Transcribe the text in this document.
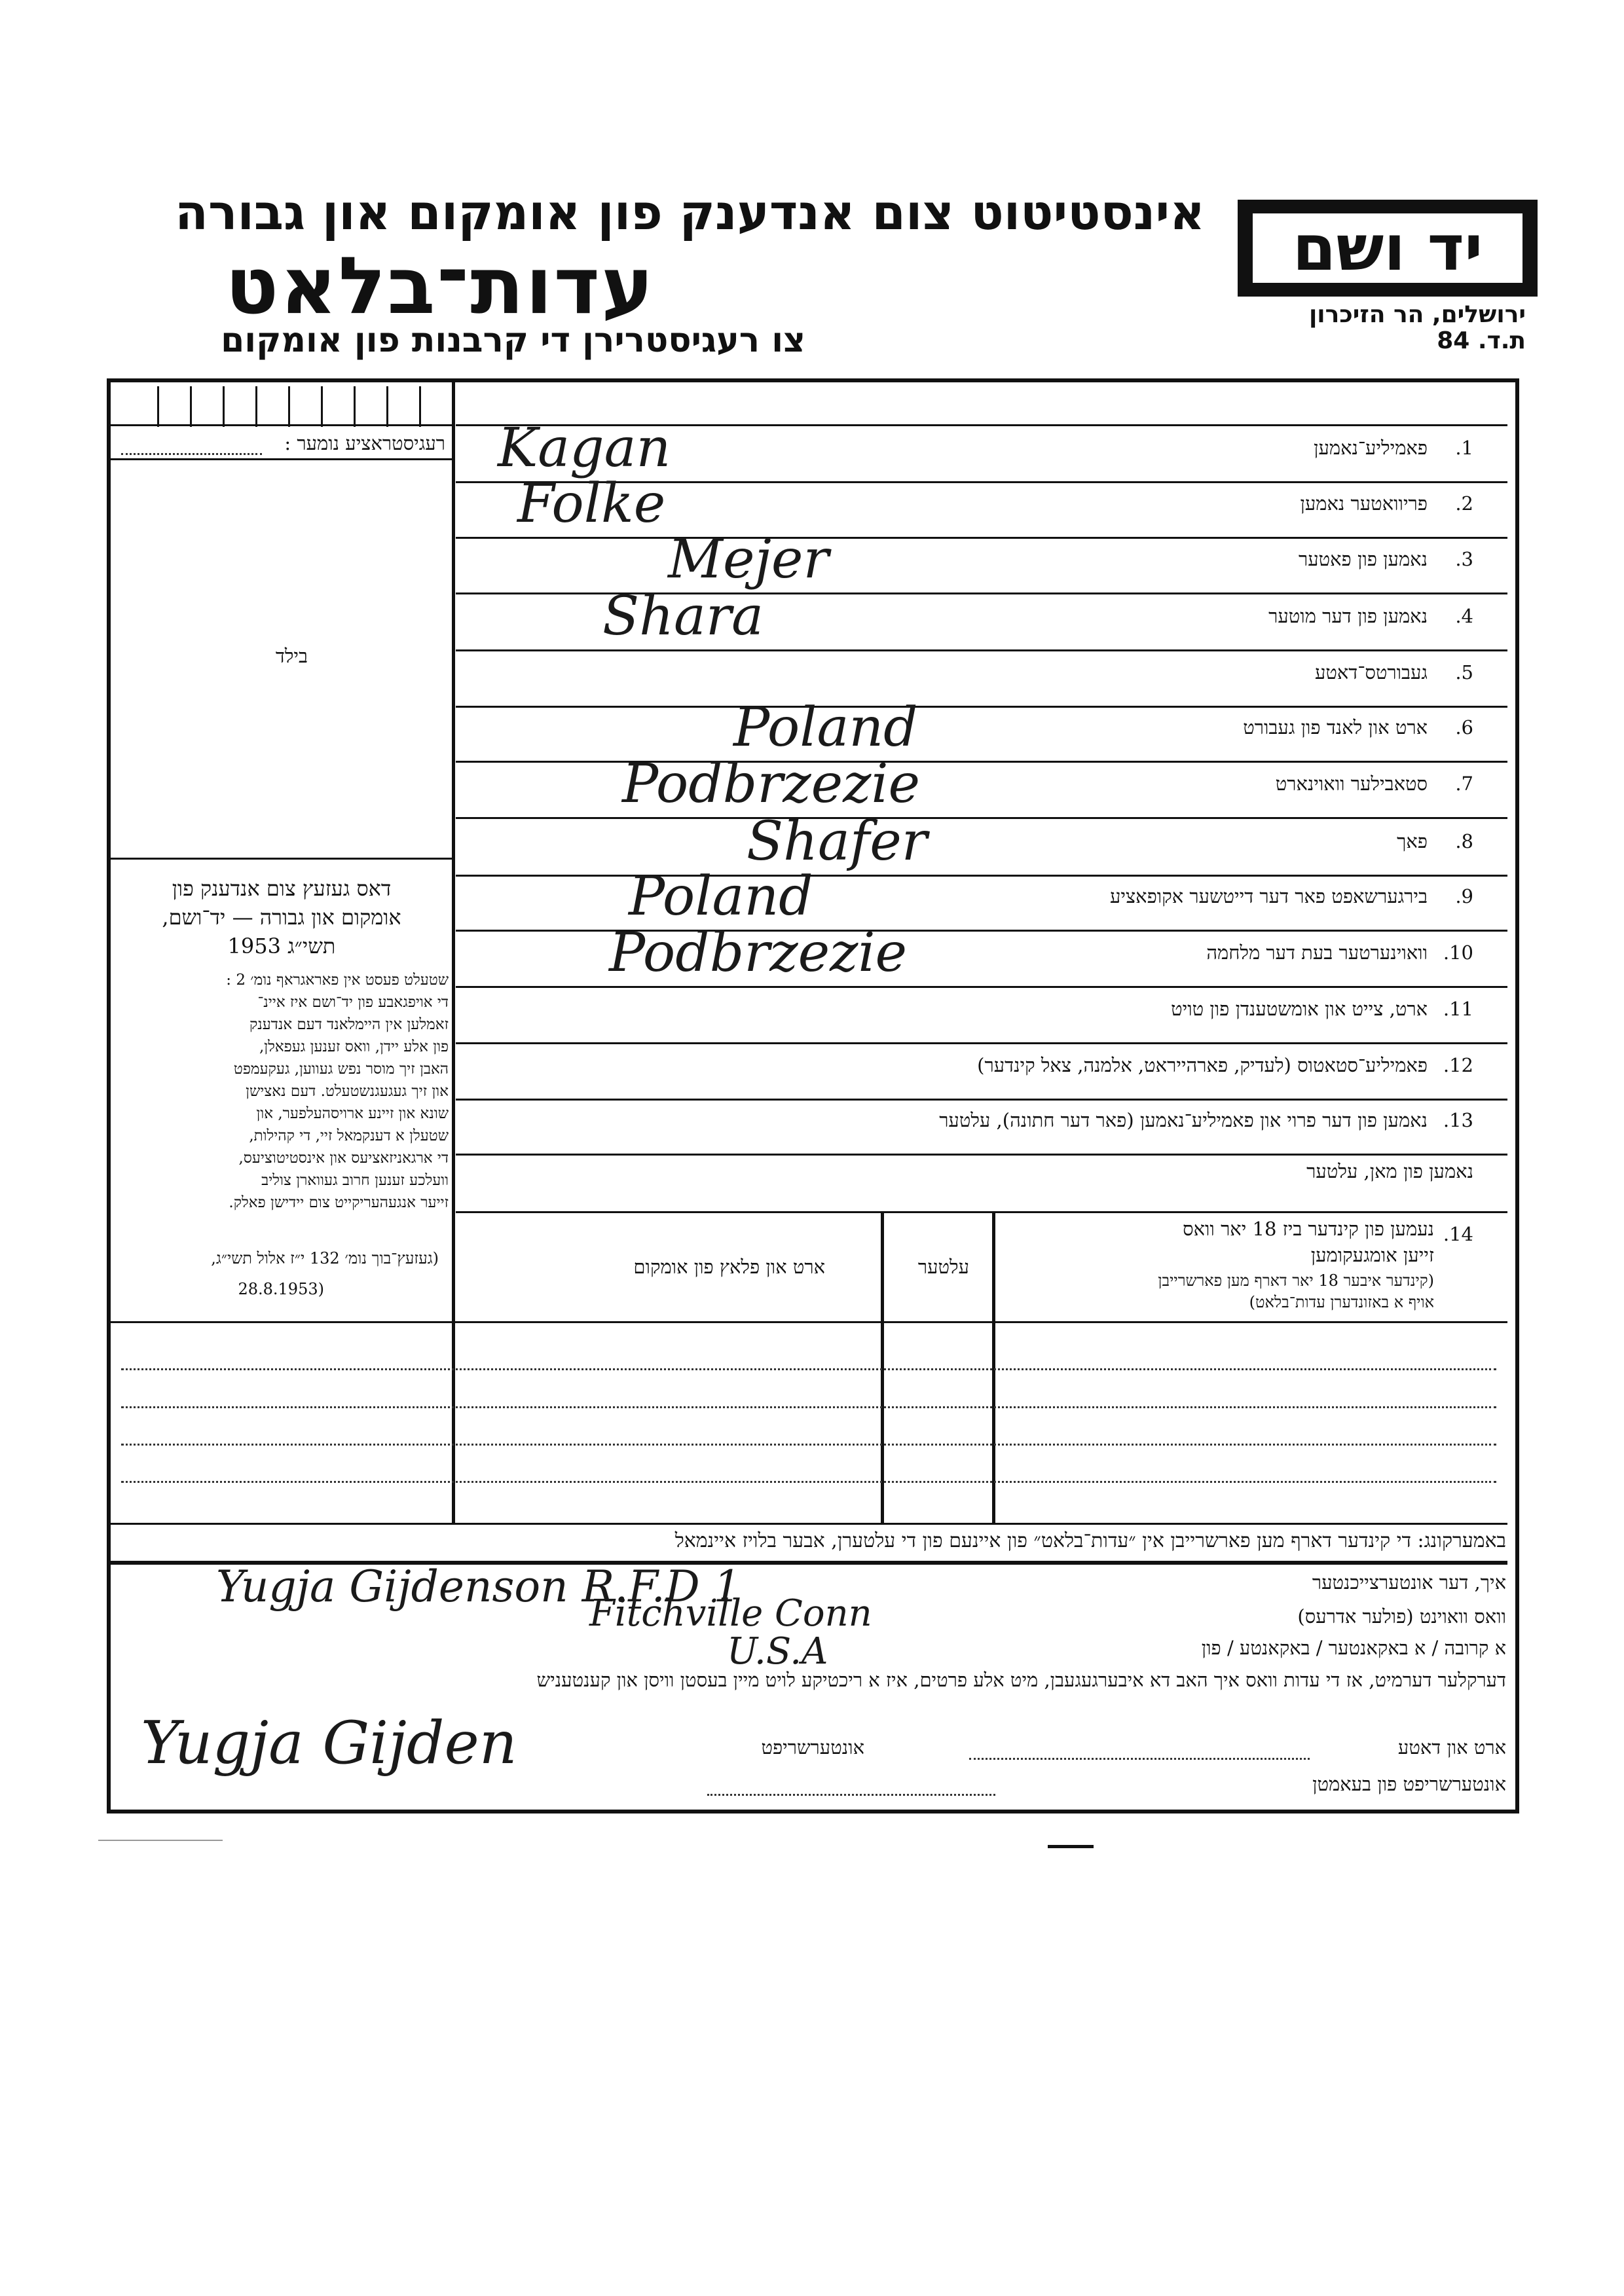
אינסטיטוט צום אנדענק פון אומקום און גבורה
עדות־בלאט
צו רעגיסטרירן די קרבנות פון אומקום
יד ושם
ירושלים, הר הזיכרון
ת.ד. 84
רעגיסטראציע נומער :
בילד

דאס געזעץ צום אנדענק פון

אומקום און גבורה — יד־ושם,

תשי״ג 1953

שטעלט פעסט אין פאראגראף נומ׳ 2 :

די אויפגאבע פון יד־ושם איז איינ־

זאמלען אין היימלאנד דעם אנדענק

פון אלע יידן, וואס זענען געפאלן,

האבן זיך מוסר נפש געווען, געקעמפט

און זיך געגעגנשטעלט. דעם נאצישן

שונא און זיינע ארויסהעלפער, און

שטעלן א דענקמאל זיי, די קהילות,

די ארגאניזאציעס און אינסטיטוציעס,

וועלכע זענען חרוב געווארן צוליב

זייער אנגעהעריקייט צום יידישן פאלק.

(געזעץ־בוך נומ׳ 132 י״ז אלול תשי״ג,
(28.8.1953
1.
פאמיליע־נאמען
Kagan
2.
פריוואטער נאמען
Folke
3.
נאמען פון פאטער
Mejer
4.
נאמען פון דער מוטער
Shara
5.
געבורטס־דאטע
6.
ארט און לאנד פון געבורט
Poland
7.
סטאבילער וואוינארט
Podbrzezie
8.
פאך
Shafer
9.
בירגערשאפט פאר דער דייטשער אקופאציע
Poland
10.
וואוינערטער בעת דער מלחמה
Podbrzezie
11.
ארט, צייט און אומשטענדן פון טויט
12.
פאמיליע־סטאטוס (לעדיק, פארהייראט, אלמנה, צאל קינדער)
13.
נאמען פון דער פרוי און פאמיליע־נאמען (פאר דער חתונה), עלטער
נאמען פון מאן, עלטער
14.
נעמען פון קינדער ביז 18 יאר וואס
זייען אומגעקומען
(קינדער איבער 18 יאר דארף מען פארשרייבן
אויף א באזונדערן עדות־בלאט)
עלטער
ארט און פלאץ פון אומקום
באמערקונג: די קינדער דארף מען פארשרייבן אין ״עדות־בלאט״ פון איינעם פון די עלטערן, אבער בלויז איינמאל
איך, דער אונטערצייכנטער
Yugja Gijdenson R.F.D 1
וואס וואוינט (פולער אדרעס)
Fitchville Conn
U.S.A	א קרובה / א באקאנטער / באקאנטע / פון
דערקלער דערמיט, אז די עדות וואס איך האב דא איבערגעגעבן, מיט אלע פרטים, איז א ריכטיקע לויט מיין בעסטן וויסן און קענטעניש
ארט און דאטע
אונטערשריפט
Yugja Gijden
אונטערשריפט פון בעאמטן
